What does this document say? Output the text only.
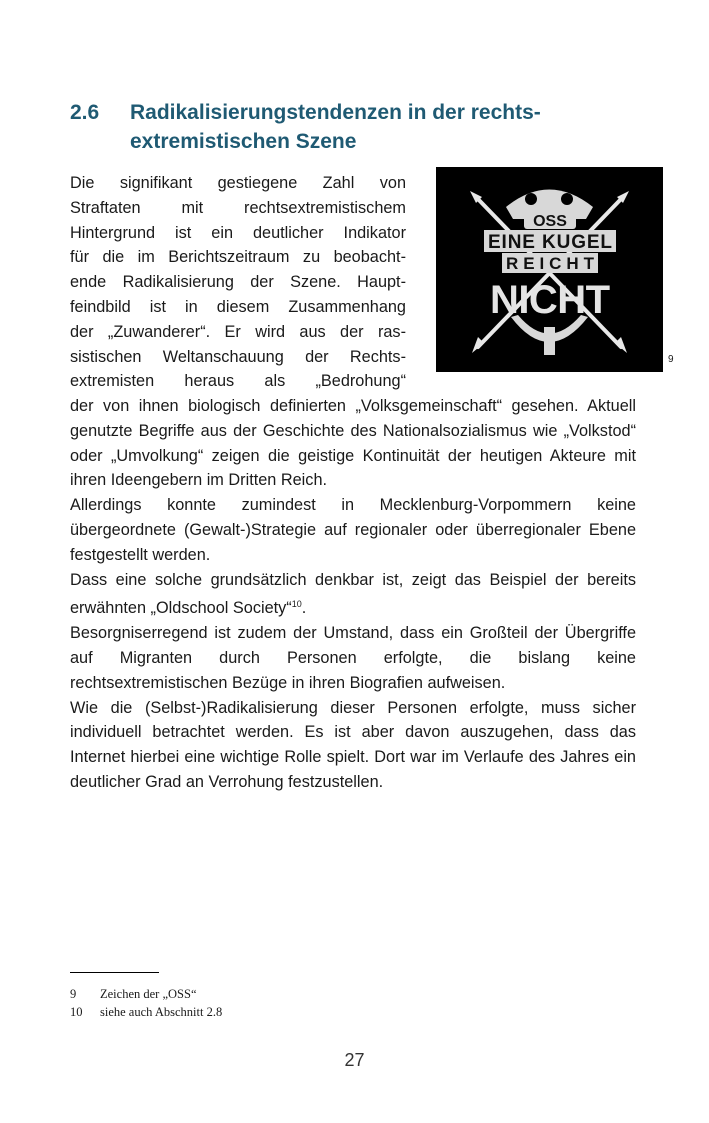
2.6 Radikalisierungstendenzen in der rechts-extremistischen Szene

Die signifikant gestiegene Zahl von

Straftaten mit rechtsextremistischem

Hintergrund ist ein deutlicher Indikator

für die im Berichtszeitraum zu beobacht-

ende Radikalisierung der Szene. Haupt-

feindbild ist in diesem Zusammenhang

der „Zuwanderer“. Er wird aus der ras-

sistischen Weltanschauung der Rechts-

extremisten heraus als „Bedrohung“

OSS
EINE KUGEL
REICHT
NICHT
9

der von ihnen biologisch definierten „Volksgemeinschaft“ gesehen. Aktuell genutzte Begriffe aus der Geschichte des Nationalsozialismus wie „Volkstod“ oder „Umvolkung“ zeigen die geistige Kontinuität der heutigen Akteure mit ihren Ideengebern im Dritten Reich.

Allerdings konnte zumindest in Mecklenburg-Vorpommern keine übergeordnete (Gewalt-)Strategie auf regionaler oder überregionaler Ebene festgestellt werden.

Dass eine solche grundsätzlich denkbar ist, zeigt das Beispiel der bereits erwähnten „Oldschool Society“$^{10}$.

Besorgniserregend ist zudem der Umstand, dass ein Großteil der Übergriffe auf Migranten durch Personen erfolgte, die bislang keine rechtsextremistischen Bezüge in ihren Biografien aufweisen.

Wie die (Selbst-)Radikalisierung dieser Personen erfolgte, muss sicher individuell betrachtet werden. Es ist aber davon auszugehen, dass das Internet hierbei eine wichtige Rolle spielt. Dort war im Verlaufe des Jahres ein deutlicher Grad an Verrohung festzustellen.

9	Zeichen der „OSS“
10	siehe auch Abschnitt 2.8
27
